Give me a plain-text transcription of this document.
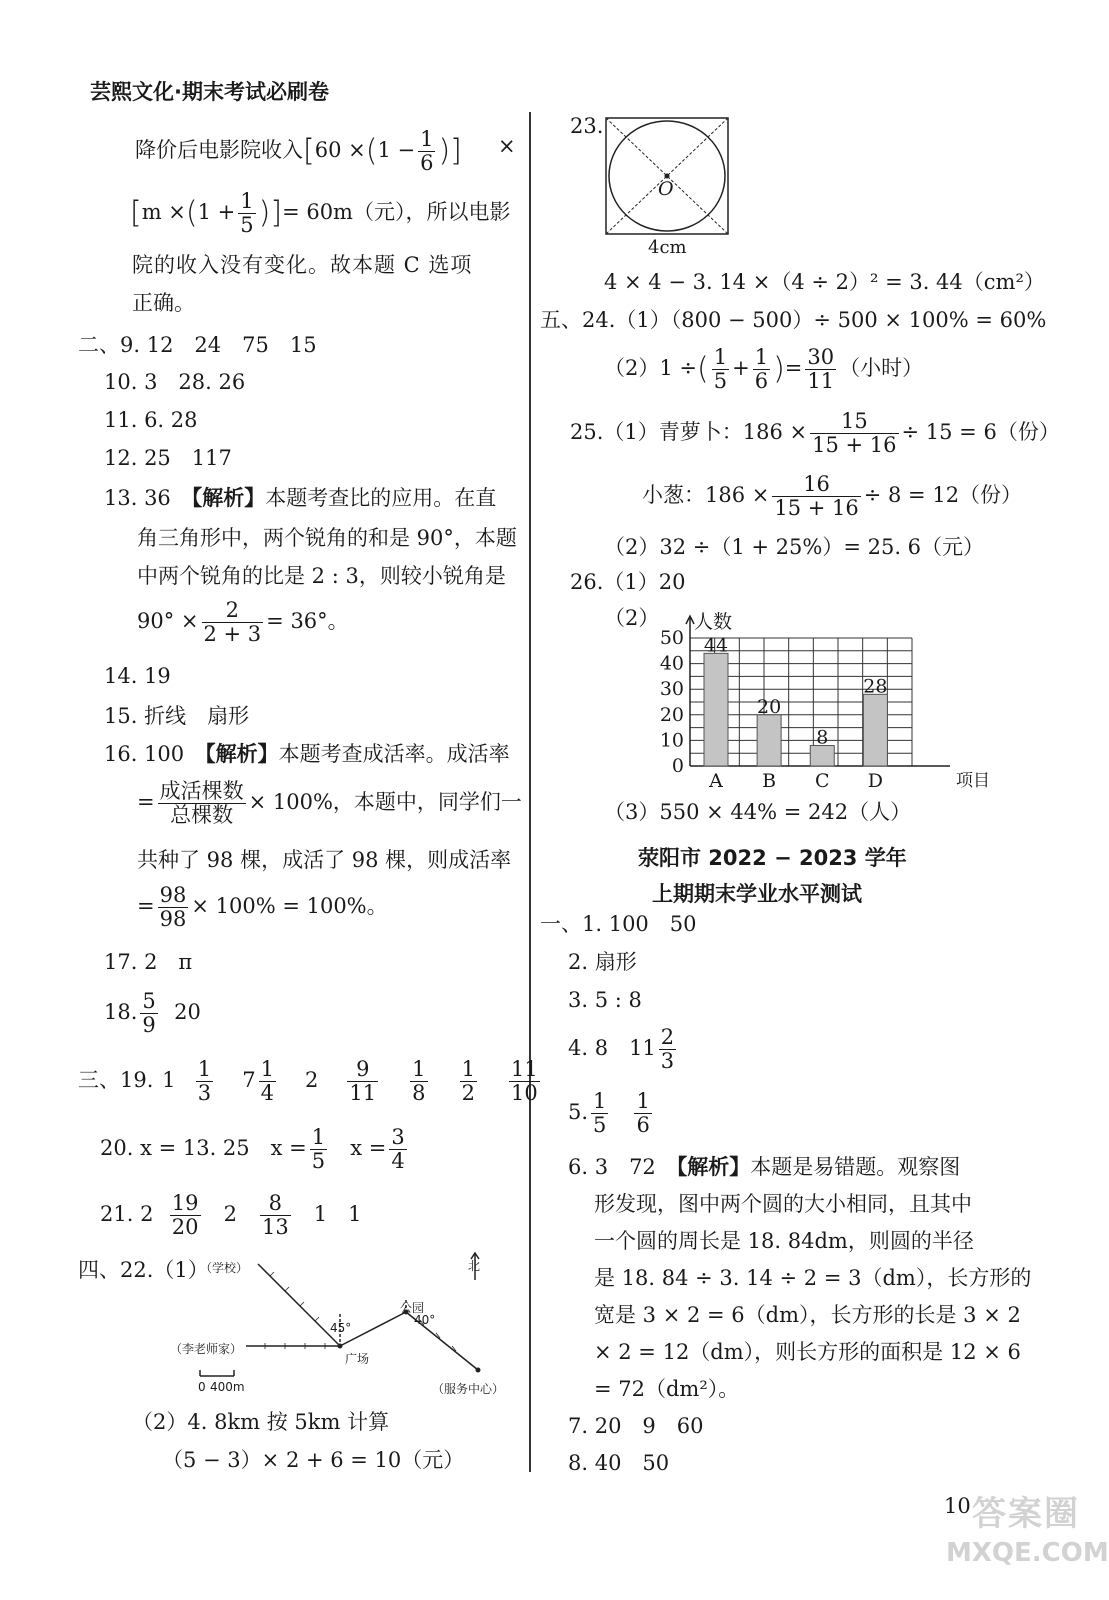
芸熙文化·期末考试必刷卷
降价后电影院收入[$60 \times(1 - \frac{1}{6}$ )] ×
[$m \times(1 + \frac{1}{5}$ )]= 60m（元），所以电影
院的收入没有变化。故本题 C 选项
正确。
二、9. 12　24　75　15
10. 3　28. 26
11. 6. 28
12. 25　117
13. 36　【解析】本题考查比的应用。在直
角三角形中，两个锐角的和是 90°，本题
中两个锐角的比是 2 : 3，则较小锐角是
$90^\circ \times \frac{2}{2 + 3} = 36^\circ$。
14. 19
15. 折线　扇形
16. 100　【解析】本题考查成活率。成活率
= $\frac{\text{成活棵数}}{\text{总棵数}} \times 100\%$，本题中，同学们一
共种了 98 棵，成活了 98 棵，则成活率
= $\frac{98}{98} \times 100\% = 100\%$。
17. 2　π
18. $\frac{5}{9} 20$
三、19. $1 \frac{1}{3} 7 \frac{1}{4} 2 \frac{9}{11}$
$\frac{1}{8}$
$\frac{1}{2}$
$\frac{11}{10}$
20. x = 13. 25　$x = \frac{1}{5}$ $x = \frac{3}{4}$
21. $2 \frac{19}{20} 2 \frac{8}{13} 1$　1
四、22.（1）
（学校）	北
（李老师家）
公园
广场
（服务中心）
45°
40°
0 400m
（2）4. 8km 按 5km 计算
（5 − 3）× 2 + 6 = 10（元）
23.
O
4cm
4 × 4 − 3. 14 ×（4 ÷ 2）² = 3. 44（cm²）
五、24.（1）（800 − 500）÷ 500 × 100% = 60%
（2）1 ÷( $\frac{1}{5} + \frac{1}{6}$ )= $\frac{30}{11}$ （小时）
25.（1）青萝卜：$186 \times \frac{15}{15 + 16} \div 15 = 6$（份）
小葱：$186 \times \frac{16}{15 + 16} \div 8 = 12$（份）
（2）32 ÷（1 + 25%）= 25. 6（元）
26.（1）20
（2）
0
10
20
30
40
50
人数
项目
44
A
20
B
8
C
28
D
（3）550 × 44% = 242（人）
荥阳市 2022 − 2023 学年
上期期末学业水平测试
一、1. 100　50
2. 扇形
3. 5 : 8
4. 8　$11 \frac{2}{3}$
5. $\frac{1}{5}$
$\frac{1}{6}$
6. 3　72　【解析】本题是易错题。观察图
形发现，图中两个圆的大小相同，且其中
一个圆的周长是 18. 84dm，则圆的半径
是 18. 84 ÷ 3. 14 ÷ 2 = 3（dm），长方形的
宽是 3 × 2 = 6（dm），长方形的长是 3 × 2
× 2 = 12（dm），则长方形的面积是 12 × 6
= 72（dm²）。
7. 20　9　60
8. 40　50
10 答案圈
MXQE.COM
